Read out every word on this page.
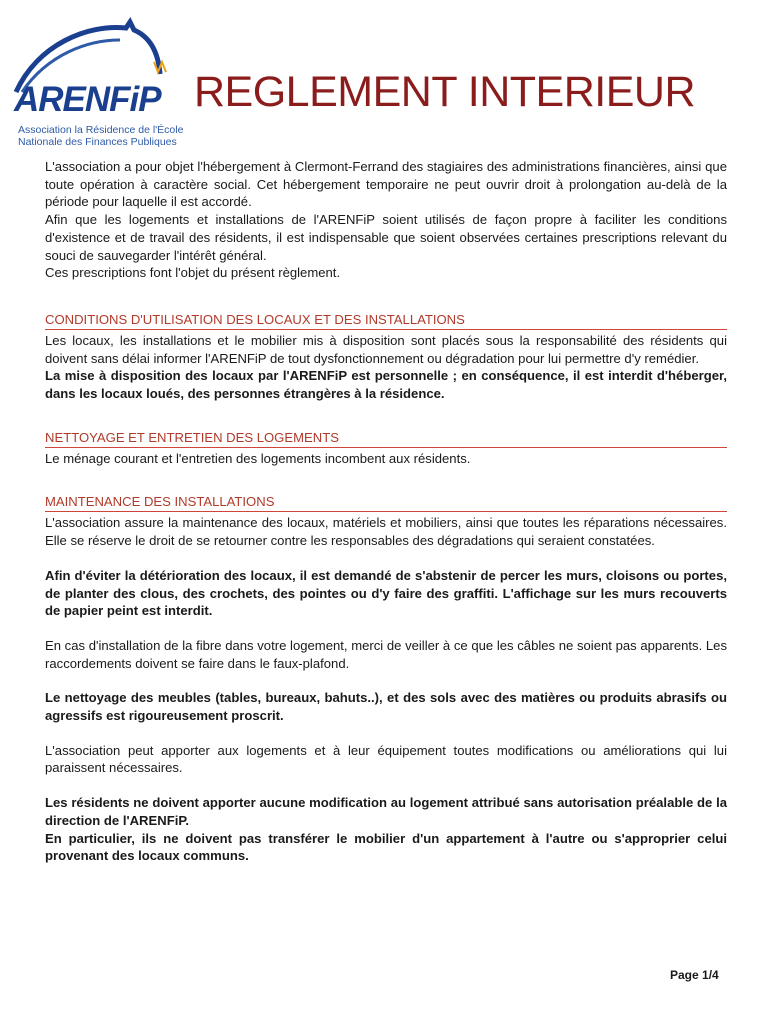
ARENFiP
Association la Résidence de l'École
Nationale des Finances Publiques
REGLEMENT INTERIEUR

L'association a pour objet l'hébergement à Clermont-Ferrand des stagiaires des administrations financières, ainsi que toute opération à caractère social. Cet hébergement temporaire ne peut ouvrir droit à prolongation au-delà de la période pour laquelle il est accordé.

Afin que les logements et installations de l'ARENFiP soient utilisés de façon propre à faciliter les conditions d'existence et de travail des résidents, il est indispensable que soient observées certaines prescriptions relevant du souci de sauvegarder l'intérêt général.

Ces prescriptions font l'objet du présent règlement.

CONDITIONS D'UTILISATION DES LOCAUX ET DES INSTALLATIONS

Les locaux, les installations et le mobilier mis à disposition sont placés sous la responsabilité des résidents qui doivent sans délai informer l'ARENFiP de tout dysfonctionnement ou dégradation pour lui permettre d'y remédier.

La mise à disposition des locaux par l'ARENFiP est personnelle ; en conséquence, il est interdit d'héberger, dans les locaux loués, des personnes étrangères à la résidence.

NETTOYAGE ET ENTRETIEN DES LOGEMENTS

Le ménage courant et l'entretien des logements incombent aux résidents.

MAINTENANCE DES INSTALLATIONS

L'association assure la maintenance des locaux, matériels et mobiliers, ainsi que toutes les réparations nécessaires. Elle se réserve le droit de se retourner contre les responsables des dégradations qui seraient constatées.

Afin d'éviter la détérioration des locaux, il est demandé de s'abstenir de percer les murs, cloisons ou portes, de planter des clous, des crochets, des pointes ou d'y faire des graffiti. L'affichage sur les murs recouverts de papier peint est interdit.

En cas d'installation de la fibre dans votre logement, merci de veiller à ce que les câbles ne soient pas apparents. Les raccordements doivent se faire dans le faux-plafond.

Le nettoyage des meubles (tables, bureaux, bahuts..), et des sols avec des matières ou produits abrasifs ou agressifs est rigoureusement proscrit.

L'association peut apporter aux logements et à leur équipement toutes modifications ou améliorations qui lui paraissent nécessaires.

Les résidents ne doivent apporter aucune modification au logement attribué sans autorisation préalable de la direction de l'ARENFiP.

En particulier, ils ne doivent pas transférer le mobilier d'un appartement à l'autre ou s'approprier celui provenant des locaux communs.

Page 1/4
